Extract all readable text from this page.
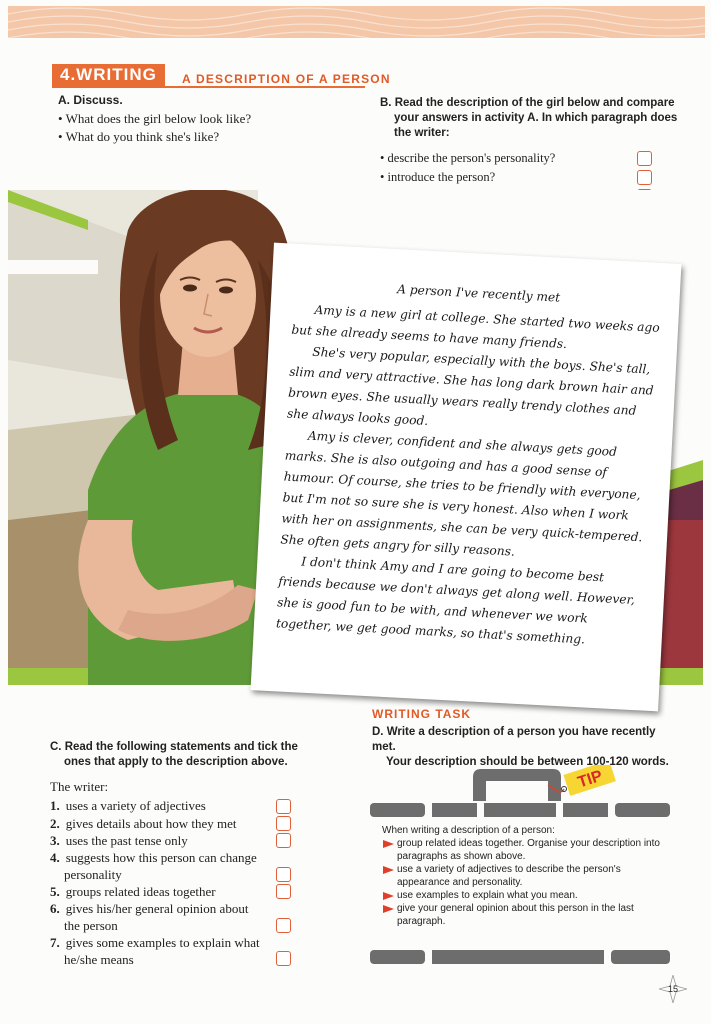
4.WRITING	A DESCRIPTION OF A PERSON
A. Discuss.
• What does the girl below look like?
• What do you think she's like?
B. Read the description of the girl below and compare
your answers in activity A. In which paragraph does
the writer:
• describe the person's personality?
• introduce the person?
•
•
A person I've recently met

Amy is a new girl at college. She started two weeks ago but she already seems to have many friends.

She's very popular, especially with the boys. She's tall, slim and very attractive. She has long dark brown hair and brown eyes. She usually wears really trendy clothes and she always looks good.

Amy is clever, confident and she always gets good marks. She is also outgoing and has a good sense of humour. Of course, she tries to be friendly with everyone, but I'm not so sure she is very honest. Also when I work with her on assignments, she can be very quick-tempered. She often gets angry for silly reasons.

I don't think Amy and I are going to become best friends because we don't always get along well. However, she is good fun to be with, and whenever we work together, we get good marks, so that's something.

WRITING TASK
D. Write a description of a person you have recently met.
Your description should be between 100-120 words.
C. Read the following statements and tick the
ones that apply to the description above.
The writer:
1. uses a variety of adjectives
2. gives details about how they met
3. uses the past tense only
4. suggests how this person can change
personality
5. groups related ideas together
6. gives his/her general opinion about
the person
7. gives some examples to explain what
he/she means
TIP
When writing a description of a person:
group related ideas together. Organise your description into paragraphs as shown above.
use a variety of adjectives to describe the person's appearance and personality.
use examples to explain what you mean.
give your general opinion about this person in the last paragraph.
15
